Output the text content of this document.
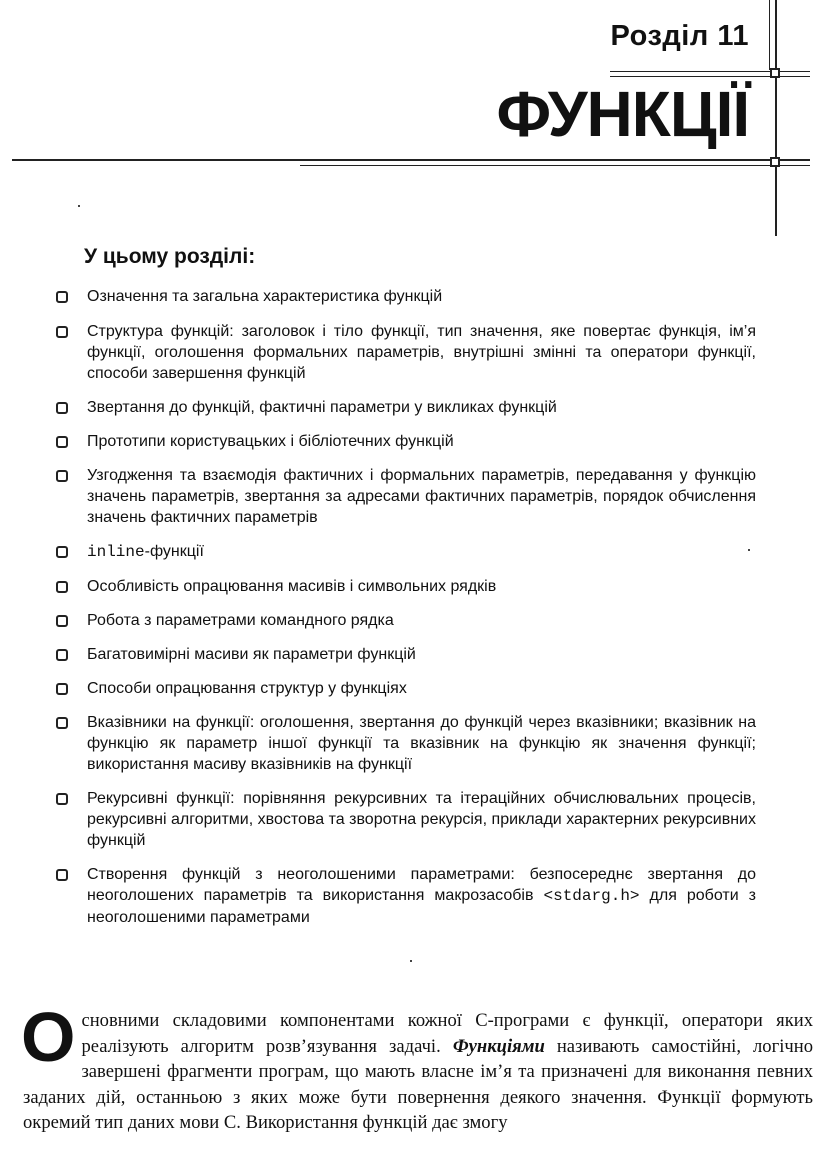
Розділ 11
ФУНКЦІЇ
У цьому розділі:
Означення та загальна характеристика функцій
Структура функцій: заголовок і тіло функції, тип значення, яке повертає функція, ім’я функції, оголошення формальних параметрів, внутрішні змінні та оператори функції, способи завершення функцій
Звертання до функцій, фактичні параметри у викликах функцій
Прототипи користувацьких і бібліотечних функцій
Узгодження та взаємодія фактичних і формальних параметрів, передавання у функцію значень параметрів, звертання за адресами фактичних параметрів, порядок обчислення значень фактичних параметрів
inline-функції
Особливість опрацювання масивів і символьних рядків
Робота з параметрами командного рядка
Багатовимірні масиви як параметри функцій
Способи опрацювання структур у функціях
Вказівники на функції: оголошення, звертання до функцій через вказівники; вказівник на функцію як параметр іншої функції та вказівник на функцію як значення функції; використання масиву вказівників на функції
Рекурсивні функції: порівняння рекурсивних та ітераційних обчислювальних процесів, рекурсивні алгоритми, хвостова та зворотна рекурсія, приклади характерних рекурсивних функцій
Створення функцій з неоголошеними параметрами: безпосереднє звертання до неоголошених параметрів та використання макрозасобів <stdarg.h> для роботи з неоголошеними параметрами

Основними складовими компонентами кожної С-програми є функції, оператори яких реалізують алгоритм розв’язування задачі. Функціями називають самостійні, логічно завершені фрагменти програм, що мають власне ім’я та призначені для виконання певних заданих дій, останньою з яких може бути повернення деякого значення. Функції формують окремий тип даних мови С. Використання функцій дає змогу
